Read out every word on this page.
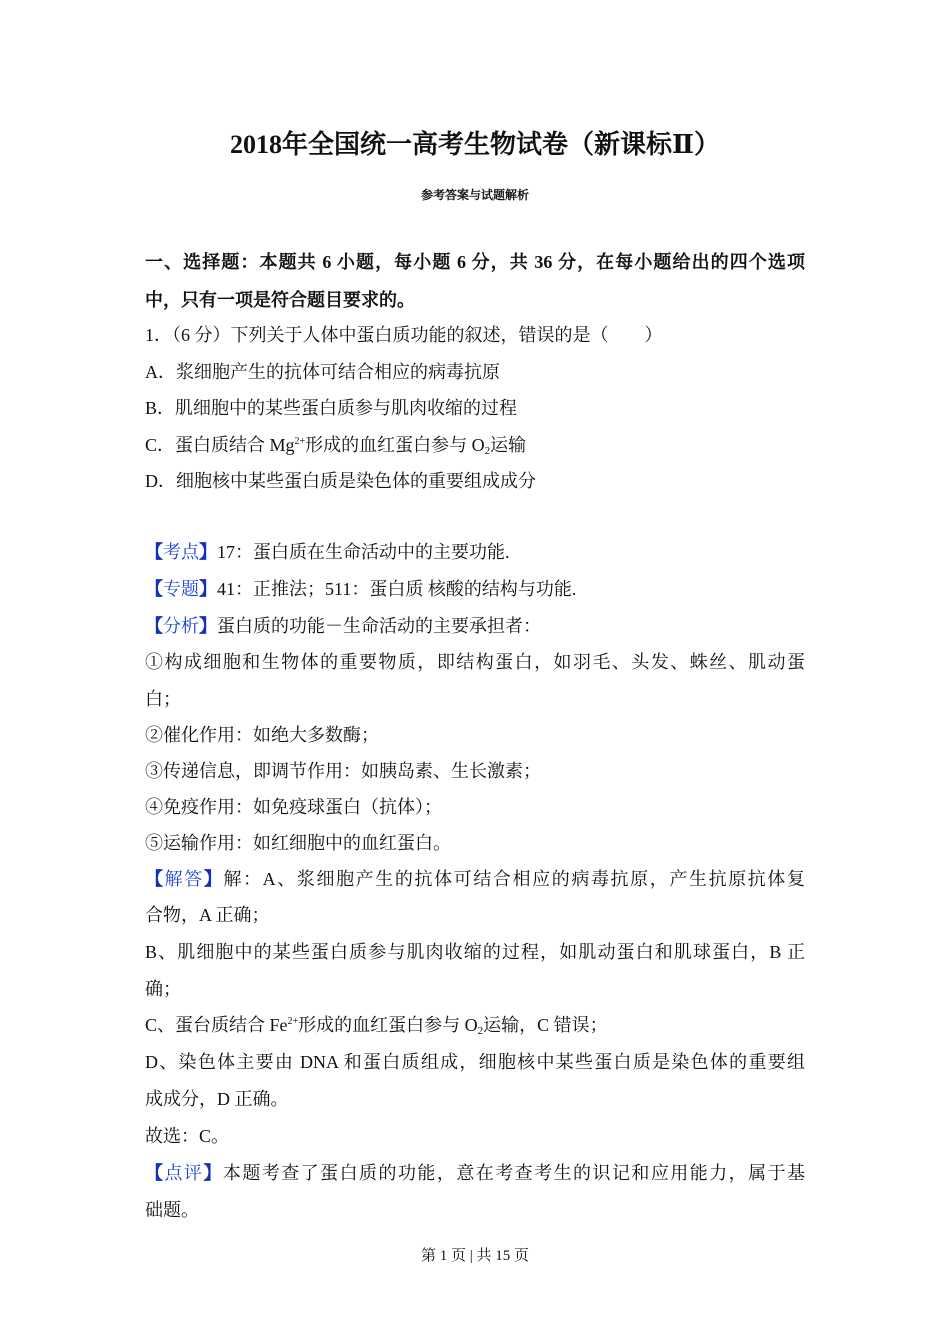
2018年全国统一高考生物试卷（新课标Ⅱ）
参考答案与试题解析
一、选择题：本题共 6 小题，每小题 6 分，共 36 分，在每小题给出的四个选项
中，只有一项是符合题目要求的。
1．（6 分）下列关于人体中蛋白质功能的叙述，错误的是（　　）
A．浆细胞产生的抗体可结合相应的病毒抗原
B．肌细胞中的某些蛋白质参与肌肉收缩的过程
C．蛋白质结合 $Mg^{2+}$形成的血红蛋白参与 $O_2$运输
D．细胞核中某些蛋白质是染色体的重要组成成分
【考点】17：蛋白质在生命活动中的主要功能.
【专题】41：正推法；511：蛋白质 核酸的结构与功能.
【分析】蛋白质的功能－生命活动的主要承担者：
①构成细胞和生物体的重要物质，即结构蛋白，如羽毛、头发、蛛丝、肌动蛋
白；
②催化作用：如绝大多数酶；
③传递信息，即调节作用：如胰岛素、生长激素；
④免疫作用：如免疫球蛋白（抗体）；
⑤运输作用：如红细胞中的血红蛋白。
【解答】解：A、浆细胞产生的抗体可结合相应的病毒抗原，产生抗原抗体复
合物，A 正确；
B、肌细胞中的某些蛋白质参与肌肉收缩的过程，如肌动蛋白和肌球蛋白，B 正
确；
C、蛋台质结合 $Fe^{2+}$形成的血红蛋白参与 $O_2$运输，C 错误；
D、染色体主要由 DNA 和蛋白质组成，细胞核中某些蛋白质是染色体的重要组
成成分，D 正确。
故选：C。
【点评】本题考查了蛋白质的功能，意在考查考生的识记和应用能力，属于基
础题。
第 1 页 | 共 15 页
